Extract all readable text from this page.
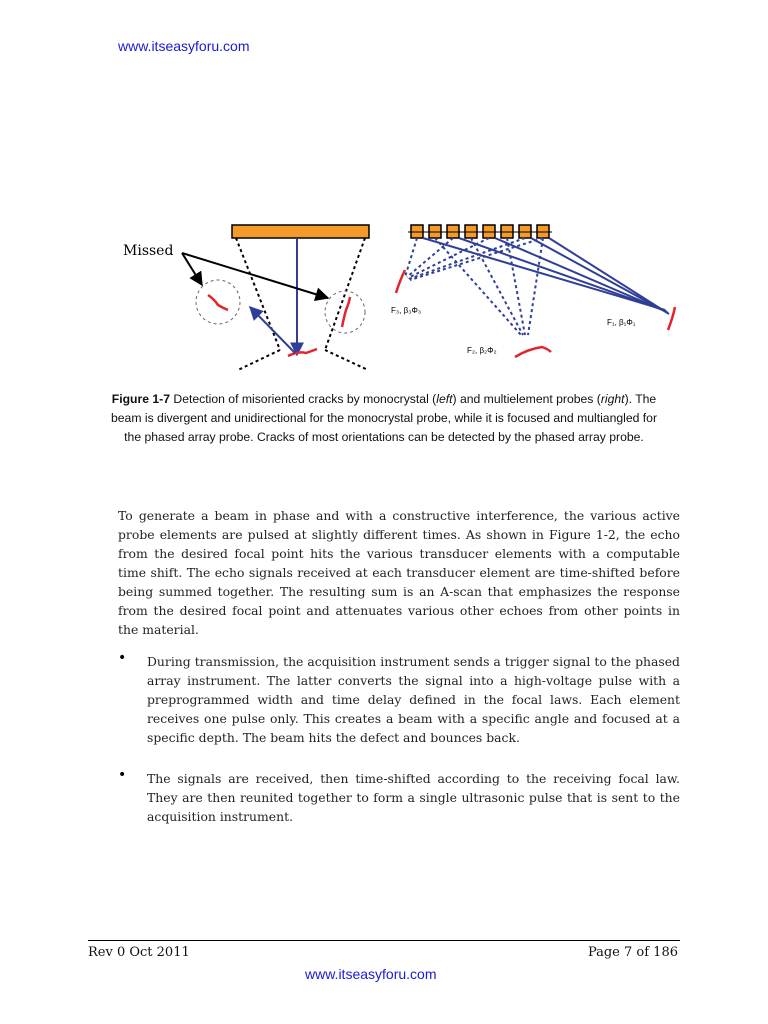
www.itseasyforu.com
Missed
F₃, β₃Φ₃
F₁, β₁Φ₁
F₂, β₂Φ₂
Figure 1-7 Detection of misoriented cracks by monocrystal (left) and multielement probes (right). The beam is divergent and unidirectional for the monocrystal probe, while it is focused and multiangled for the phased array probe. Cracks of most orientations can be detected by the phased array probe.
To generate a beam in phase and with a constructive interference, the various active probe elements are pulsed at slightly different times. As shown in Figure 1-2, the echo from the desired focal point hits the various transducer elements with a computable time shift. The echo signals received at each transducer element are time-shifted before being summed together. The resulting sum is an A-scan that emphasizes the response from the desired focal point and attenuates various other echoes from other points in the material.
• During transmission, the acquisition instrument sends a trigger signal to the phased array instrument. The latter converts the signal into a high-voltage pulse with a preprogrammed width and time delay defined in the focal laws. Each element receives one pulse only. This creates a beam with a specific angle and focused at a specific depth. The beam hits the defect and bounces back.
• The signals are received, then time-shifted according to the receiving focal law. They are then reunited together to form a single ultrasonic pulse that is sent to the acquisition instrument.
Rev 0 Oct 2011	Page 7 of 186
www.itseasyforu.com
